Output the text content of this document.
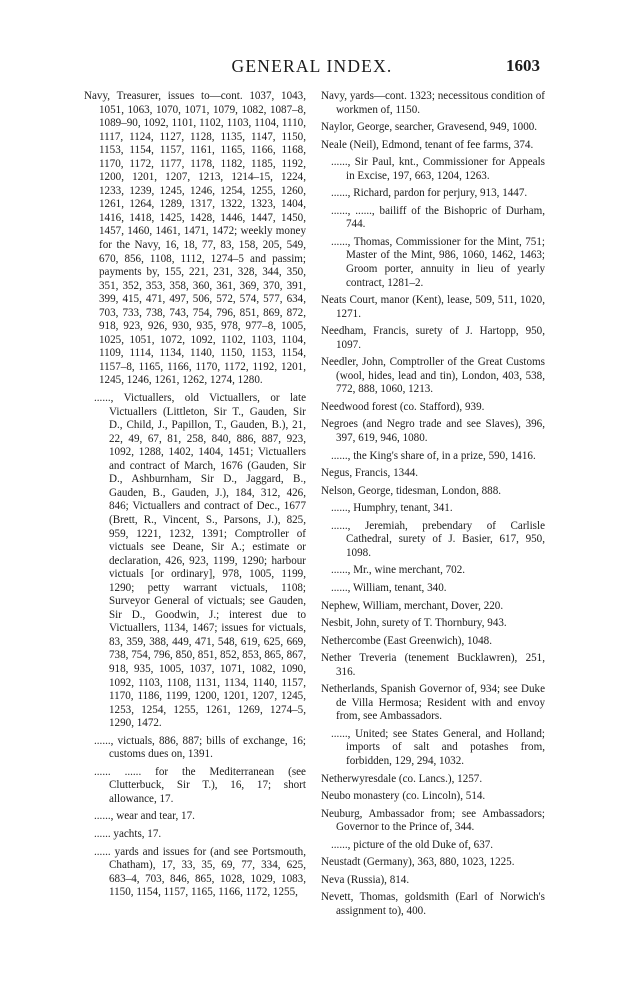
GENERAL INDEX.	1603

Navy, Treasurer, issues to—cont. 1037, 1043, 1051, 1063, 1070, 1071, 1079, 1082, 1087–8, 1089–90, 1092, 1101, 1102, 1103, 1104, 1110, 1117, 1124, 1127, 1128, 1135, 1147, 1150, 1153, 1154, 1157, 1161, 1165, 1166, 1168, 1170, 1172, 1177, 1178, 1182, 1185, 1192, 1200, 1201, 1207, 1213, 1214–15, 1224, 1233, 1239, 1245, 1246, 1254, 1255, 1260, 1261, 1264, 1289, 1317, 1322, 1323, 1404, 1416, 1418, 1425, 1428, 1446, 1447, 1450, 1457, 1460, 1461, 1471, 1472; weekly money for the Navy, 16, 18, 77, 83, 158, 205, 549, 670, 856, 1108, 1112, 1274–5 and passim; payments by, 155, 221, 231, 328, 344, 350, 351, 352, 353, 358, 360, 361, 369, 370, 391, 399, 415, 471, 497, 506, 572, 574, 577, 634, 703, 733, 738, 743, 754, 796, 851, 869, 872, 918, 923, 926, 930, 935, 978, 977–8, 1005, 1025, 1051, 1072, 1092, 1102, 1103, 1104, 1109, 1114, 1134, 1140, 1150, 1153, 1154, 1157–8, 1165, 1166, 1170, 1172, 1192, 1201, 1245, 1246, 1261, 1262, 1274, 1280.

......, Victuallers, old Victuallers, or late Victuallers (Littleton, Sir T., Gauden, Sir D., Child, J., Papillon, T., Gauden, B.), 21, 22, 49, 67, 81, 258, 840, 886, 887, 923, 1092, 1288, 1402, 1404, 1451; Victuallers and contract of March, 1676 (Gauden, Sir D., Ashburnham, Sir D., Jaggard, B., Gauden, B., Gauden, J.), 184, 312, 426, 846; Victuallers and contract of Dec., 1677 (Brett, R., Vincent, S., Parsons, J.), 825, 959, 1221, 1232, 1391; Comptroller of victuals see Deane, Sir A.; estimate or declaration, 426, 923, 1199, 1290; harbour victuals [or ordinary], 978, 1005, 1199, 1290; petty warrant victuals, 1108; Surveyor General of victuals; see Gauden, Sir D., Goodwin, J.; interest due to Victuallers, 1134, 1467; issues for victuals, 83, 359, 388, 449, 471, 548, 619, 625, 669, 738, 754, 796, 850, 851, 852, 853, 865, 867, 918, 935, 1005, 1037, 1071, 1082, 1090, 1092, 1103, 1108, 1131, 1134, 1140, 1157, 1170, 1186, 1199, 1200, 1201, 1207, 1245, 1253, 1254, 1255, 1261, 1269, 1274–5, 1290, 1472.

......, victuals, 886, 887; bills of exchange, 16; customs dues on, 1391.

...... ...... for the Mediterranean (see Clutterbuck, Sir T.), 16, 17; short allowance, 17.

......, wear and tear, 17.

...... yachts, 17.

...... yards and issues for (and see Portsmouth, Chatham), 17, 33, 35, 69, 77, 334, 625, 683–4, 703, 846, 865, 1028, 1029, 1083, 1150, 1154, 1157, 1165, 1166, 1172, 1255,

Navy, yards—cont. 1323; necessitous condition of workmen of, 1150.

Naylor, George, searcher, Gravesend, 949, 1000.

Neale (Neil), Edmond, tenant of fee farms, 374.

......, Sir Paul, knt., Commissioner for Appeals in Excise, 197, 663, 1204, 1263.

......, Richard, pardon for perjury, 913, 1447.

......, ......, bailiff of the Bishopric of Durham, 744.

......, Thomas, Commissioner for the Mint, 751; Master of the Mint, 986, 1060, 1462, 1463; Groom porter, annuity in lieu of yearly contract, 1281–2.

Neats Court, manor (Kent), lease, 509, 511, 1020, 1271.

Needham, Francis, surety of J. Hartopp, 950, 1097.

Needler, John, Comptroller of the Great Customs (wool, hides, lead and tin), London, 403, 538, 772, 888, 1060, 1213.

Needwood forest (co. Stafford), 939.

Negroes (and Negro trade and see Slaves), 396, 397, 619, 946, 1080.

......, the King's share of, in a prize, 590, 1416.

Negus, Francis, 1344.

Nelson, George, tidesman, London, 888.

......, Humphry, tenant, 341.

......, Jeremiah, prebendary of Carlisle Cathedral, surety of J. Basier, 617, 950, 1098.

......, Mr., wine merchant, 702.

......, William, tenant, 340.

Nephew, William, merchant, Dover, 220.

Nesbit, John, surety of T. Thornbury, 943.

Nethercombe (East Greenwich), 1048.

Nether Treveria (tenement Bucklawren), 251, 316.

Netherlands, Spanish Governor of, 934; see Duke de Villa Hermosa; Resident with and envoy from, see Ambassadors.

......, United; see States General, and Holland; imports of salt and potashes from, forbidden, 129, 294, 1032.

Netherwyresdale (co. Lancs.), 1257.

Neubo monastery (co. Lincoln), 514.

Neuburg, Ambassador from; see Ambassadors; Governor to the Prince of, 344.

......, picture of the old Duke of, 637.

Neustadt (Germany), 363, 880, 1023, 1225.

Neva (Russia), 814.

Nevett, Thomas, goldsmith (Earl of Norwich's assignment to), 400.
